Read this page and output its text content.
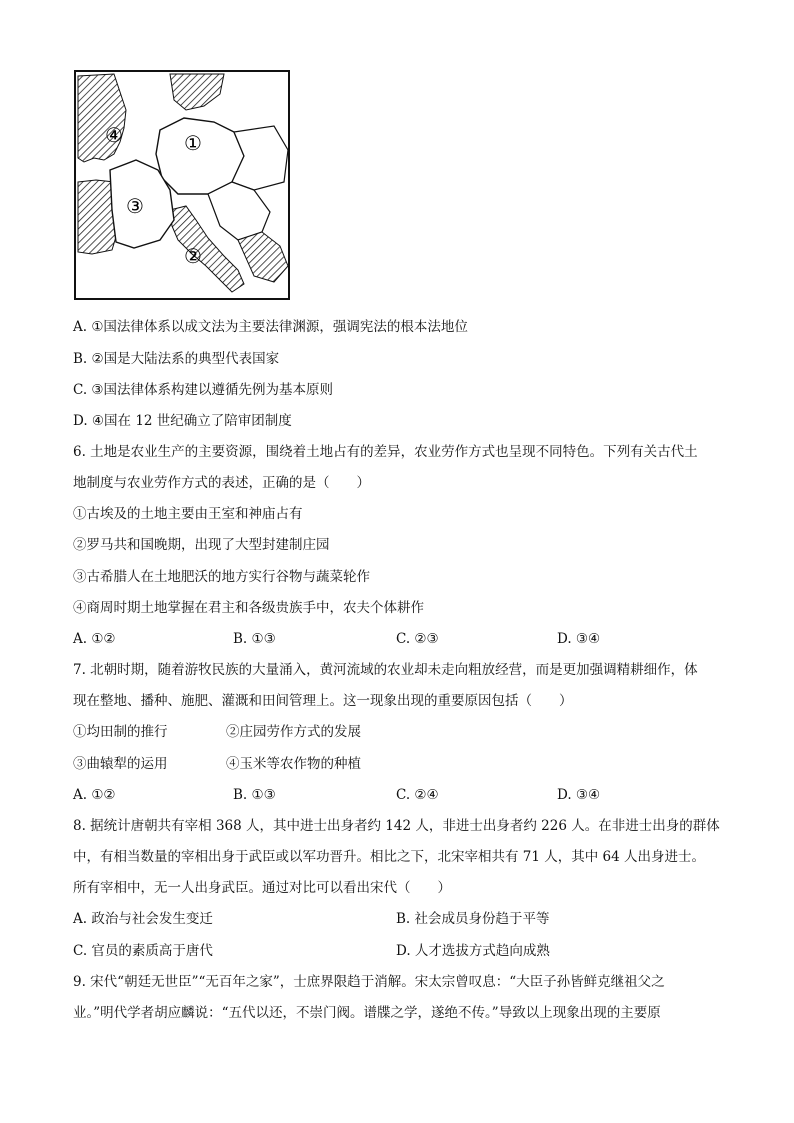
①
②
③
④
A. ①国法律体系以成文法为主要法律渊源，强调宪法的根本法地位
B. ②国是大陆法系的典型代表国家
C. ③国法律体系构建以遵循先例为基本原则
D. ④国在 12 世纪确立了陪审团制度
6. 土地是农业生产的主要资源，围绕着土地占有的差异，农业劳作方式也呈现不同特色。下列有关古代土
地制度与农业劳作方式的表述，正确的是（　　）
①古埃及的土地主要由王室和神庙占有
②罗马共和国晚期，出现了大型封建制庄园
③古希腊人在土地肥沃的地方实行谷物与蔬菜轮作
④商周时期土地掌握在君主和各级贵族手中，农夫个体耕作
A. ①②	B. ①③	C. ②③	D. ③④
7. 北朝时期，随着游牧民族的大量涌入，黄河流域的农业却未走向粗放经营，而是更加强调精耕细作，体
现在整地、播种、施肥、灌溉和田间管理上。这一现象出现的重要原因包括（　　）
①均田制的推行	②庄园劳作方式的发展
③曲辕犁的运用	④玉米等农作物的种植
A. ①②	B. ①③	C. ②④	D. ③④
8. 据统计唐朝共有宰相 368 人，其中进士出身者约 142 人，非进士出身者约 226 人。在非进士出身的群体
中，有相当数量的宰相出身于武臣或以军功晋升。相比之下，北宋宰相共有 71 人，其中 64 人出身进士。
所有宰相中，无一人出身武臣。通过对比可以看出宋代（　　）
A. 政治与社会发生变迁	B. 社会成员身份趋于平等
C. 官员的素质高于唐代	D. 人才选拔方式趋向成熟
9. 宋代“朝廷无世臣”“无百年之家”，士庶界限趋于消解。宋太宗曾叹息：“大臣子孙皆鲜克继祖父之
业。”明代学者胡应麟说：“五代以还，不崇门阀。谱牒之学，遂绝不传。”导致以上现象出现的主要原
